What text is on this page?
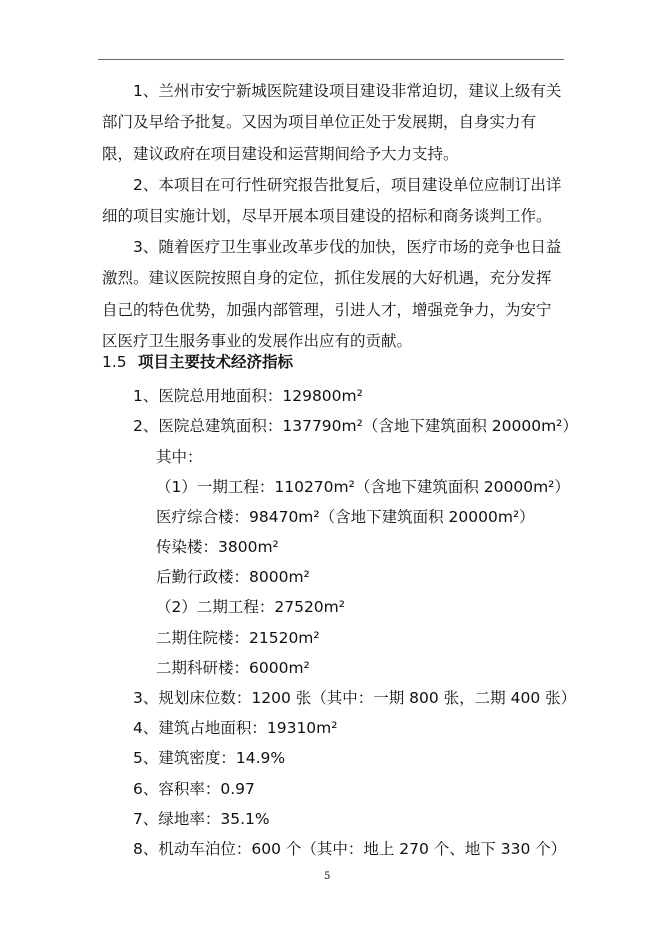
1、兰州市安宁新城医院建设项目建设非常迫切，建议上级有关部门及早给予批复。又因为项目单位正处于发展期，自身实力有限，建议政府在项目建设和运营期间给予大力支持。

2、本项目在可行性研究报告批复后，项目建设单位应制订出详细的项目实施计划，尽早开展本项目建设的招标和商务谈判工作。

3、随着医疗卫生事业改革步伐的加快，医疗市场的竞争也日益激烈。建议医院按照自身的定位，抓住发展的大好机遇，充分发挥自己的特色优势，加强内部管理，引进人才，增强竞争力，为安宁区医疗卫生服务事业的发展作出应有的贡献。

1.5 项目主要技术经济指标
1、医院总用地面积：129800m²
2、医院总建筑面积：137790m²（含地下建筑面积 20000m²）
其中：
（1）一期工程：110270m²（含地下建筑面积 20000m²）
医疗综合楼：98470m²（含地下建筑面积 20000m²）
传染楼：3800m²
后勤行政楼：8000m²
（2）二期工程：27520m²
二期住院楼：21520m²
二期科研楼：6000m²
3、规划床位数：1200 张（其中：一期 800 张，二期 400 张）
4、建筑占地面积：19310m²
5、建筑密度：14.9%
6、容积率：0.97
7、绿地率：35.1%
8、机动车泊位：600 个（其中：地上 270 个、地下 330 个）
5
